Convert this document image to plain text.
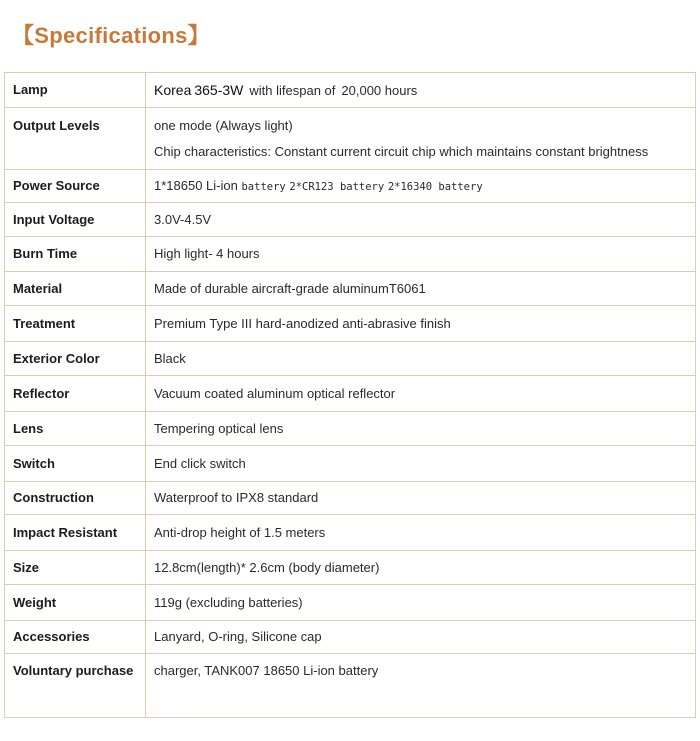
【Specifications】
Lamp	Korea 365-3W with lifespan of 20,000 hours
Output Levels	one mode (Always light)
Chip characteristics: Constant current circuit chip which maintains constant brightness

Power Source	1*18650 Li-ion battery 2*CR123 battery 2*16340 battery
Input Voltage	3.0V-4.5V
Burn Time	High light- 4 hours
Material	Made of durable aircraft-grade aluminumT6061
Treatment	Premium Type III hard-anodized anti-abrasive finish
Exterior Color	Black
Reflector	Vacuum coated aluminum optical reflector
Lens	Tempering optical lens
Switch	End click switch
Construction	Waterproof to IPX8 standard
Impact Resistant	Anti-drop height of 1.5 meters
Size	12.8cm(length)* 2.6cm (body diameter)
Weight	119g (excluding batteries)
Accessories	Lanyard, O-ring, Silicone cap
Voluntary purchase	charger, TANK007 18650 Li-ion battery
